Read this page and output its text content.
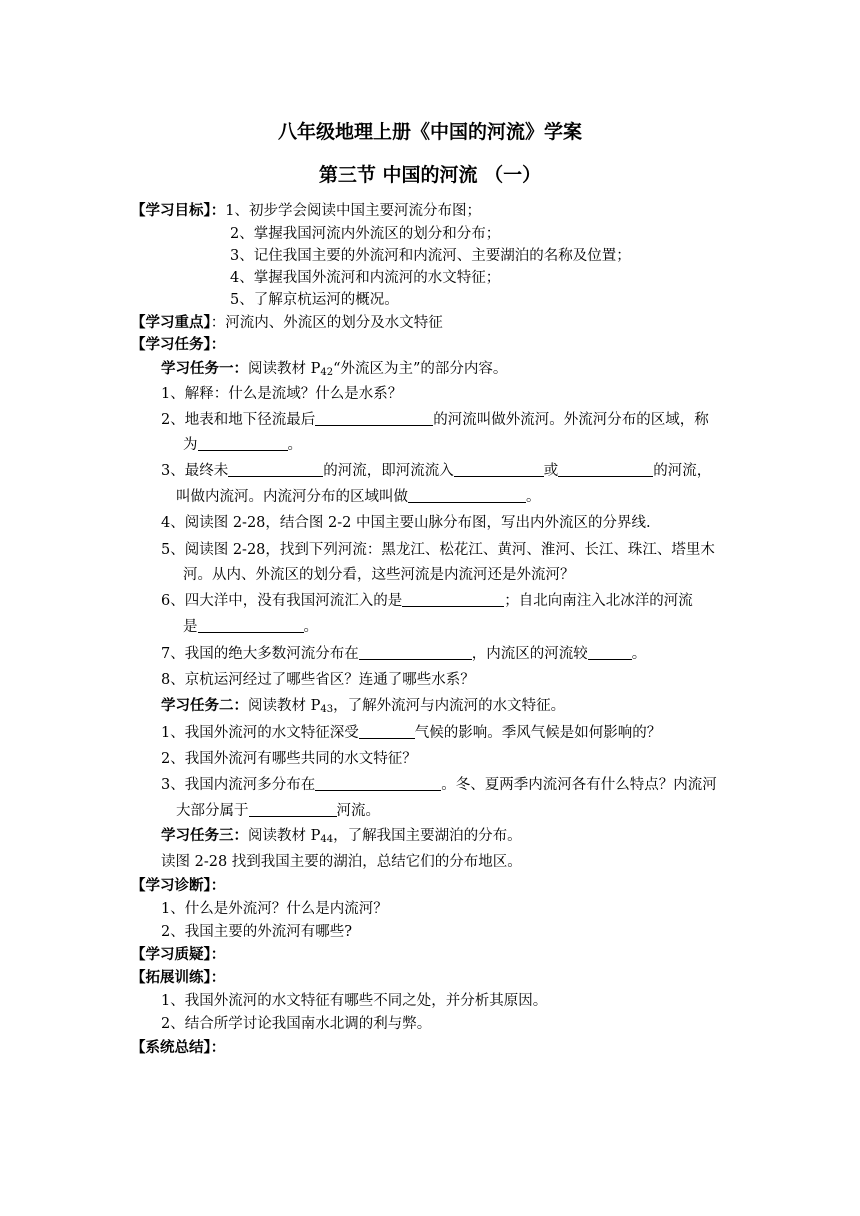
八年级地理上册《中国的河流》学案
第三节 中国的河流 （一）
【学习目标】：1、初步学会阅读中国主要河流分布图；
2、掌握我国河流内外流区的划分和分布；
3、记住我国主要的外流河和内流河、主要湖泊的名称及位置；
4、掌握我国外流河和内流河的水文特征；
5、了解京杭运河的概况。
【学习重点】：河流内、外流区的划分及水文特征
【学习任务】：
学习任务一：阅读教材 $P_{42}“$外流区为主”的部分内容。
1、解释：什么是流域？什么是水系？
2、地表和地下径流最后	的河流叫做外流河。外流河分布的区域，称
为	。
3、最终未	的河流，即河流流入	或	的河流，
叫做内流河。内流河分布的区域叫做	。
4、阅读图 2-28，结合图 2-2 中国主要山脉分布图，写出内外流区的分界线.
5、阅读图 2-28，找到下列河流：黑龙江、松花江、黄河、淮河、长江、珠江、塔里木
河。从内、外流区的划分看，这些河流是内流河还是外流河？
6、四大洋中，没有我国河流汇入的是	；自北向南注入北冰洋的河流
是	。
7、我国的绝大多数河流分布在	，内流区的河流较	。
8、京杭运河经过了哪些省区？连通了哪些水系？
学习任务二：阅读教材 $P_{43}$，了解外流河与内流河的水文特征。
1、我国外流河的水文特征深受	气候的影响。季风气候是如何影响的？
2、我国外流河有哪些共同的水文特征？
3、我国内流河多分布在	。冬、夏两季内流河各有什么特点？内流河
大部分属于	河流。
学习任务三：阅读教材 $P_{44}$，了解我国主要湖泊的分布。
读图 2-28 找到我国主要的湖泊，总结它们的分布地区。
【学习诊断】：
1、什么是外流河？什么是内流河？
2、我国主要的外流河有哪些?
【学习质疑】：
【拓展训练】：
1、我国外流河的水文特征有哪些不同之处，并分析其原因。
2、结合所学讨论我国南水北调的利与弊。
【系统总结】：
